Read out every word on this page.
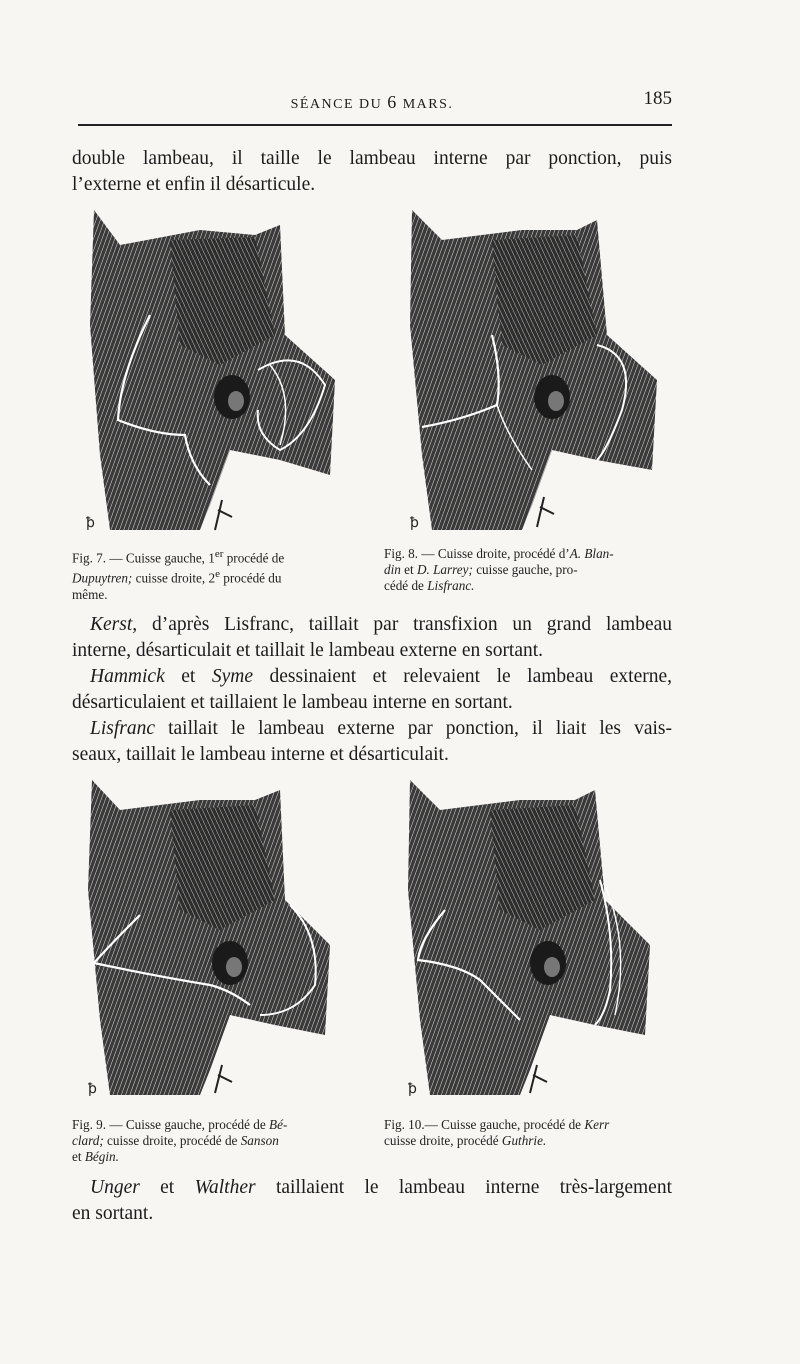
SÉANCE DU 6 MARS.	185
double lambeau, il taille le lambeau interne par ponction, puis
l’externe et enfin il désarticule.
ꝥ
Fig. 7. — Cuisse gauche, 1er procédé de
Dupuytren; cuisse droite, 2e procédé du
même.
ꝥ
Fig. 8. — Cuisse droite, procédé d’A. Blan-
din et D. Larrey; cuisse gauche, pro-
cédé de Lisfranc.
Kerst, d’après Lisfranc, taillait par transfixion un grand lambeau
interne, désarticulait et taillait le lambeau externe en sortant.
Hammick et Syme dessinaient et relevaient le lambeau externe,
désarticulaient et taillaient le lambeau interne en sortant.
Lisfranc taillait le lambeau externe par ponction, il liait les vais-
seaux, taillait le lambeau interne et désarticulait.
ꝥ
Fig. 9. — Cuisse gauche, procédé de Bé-
clard; cuisse droite, procédé de Sanson
et Bégin.
ꝥ
Fig. 10.— Cuisse gauche, procédé de Kerr
cuisse droite, procédé Guthrie.
Unger et Walther taillaient le lambeau interne très-largement
en sortant.
